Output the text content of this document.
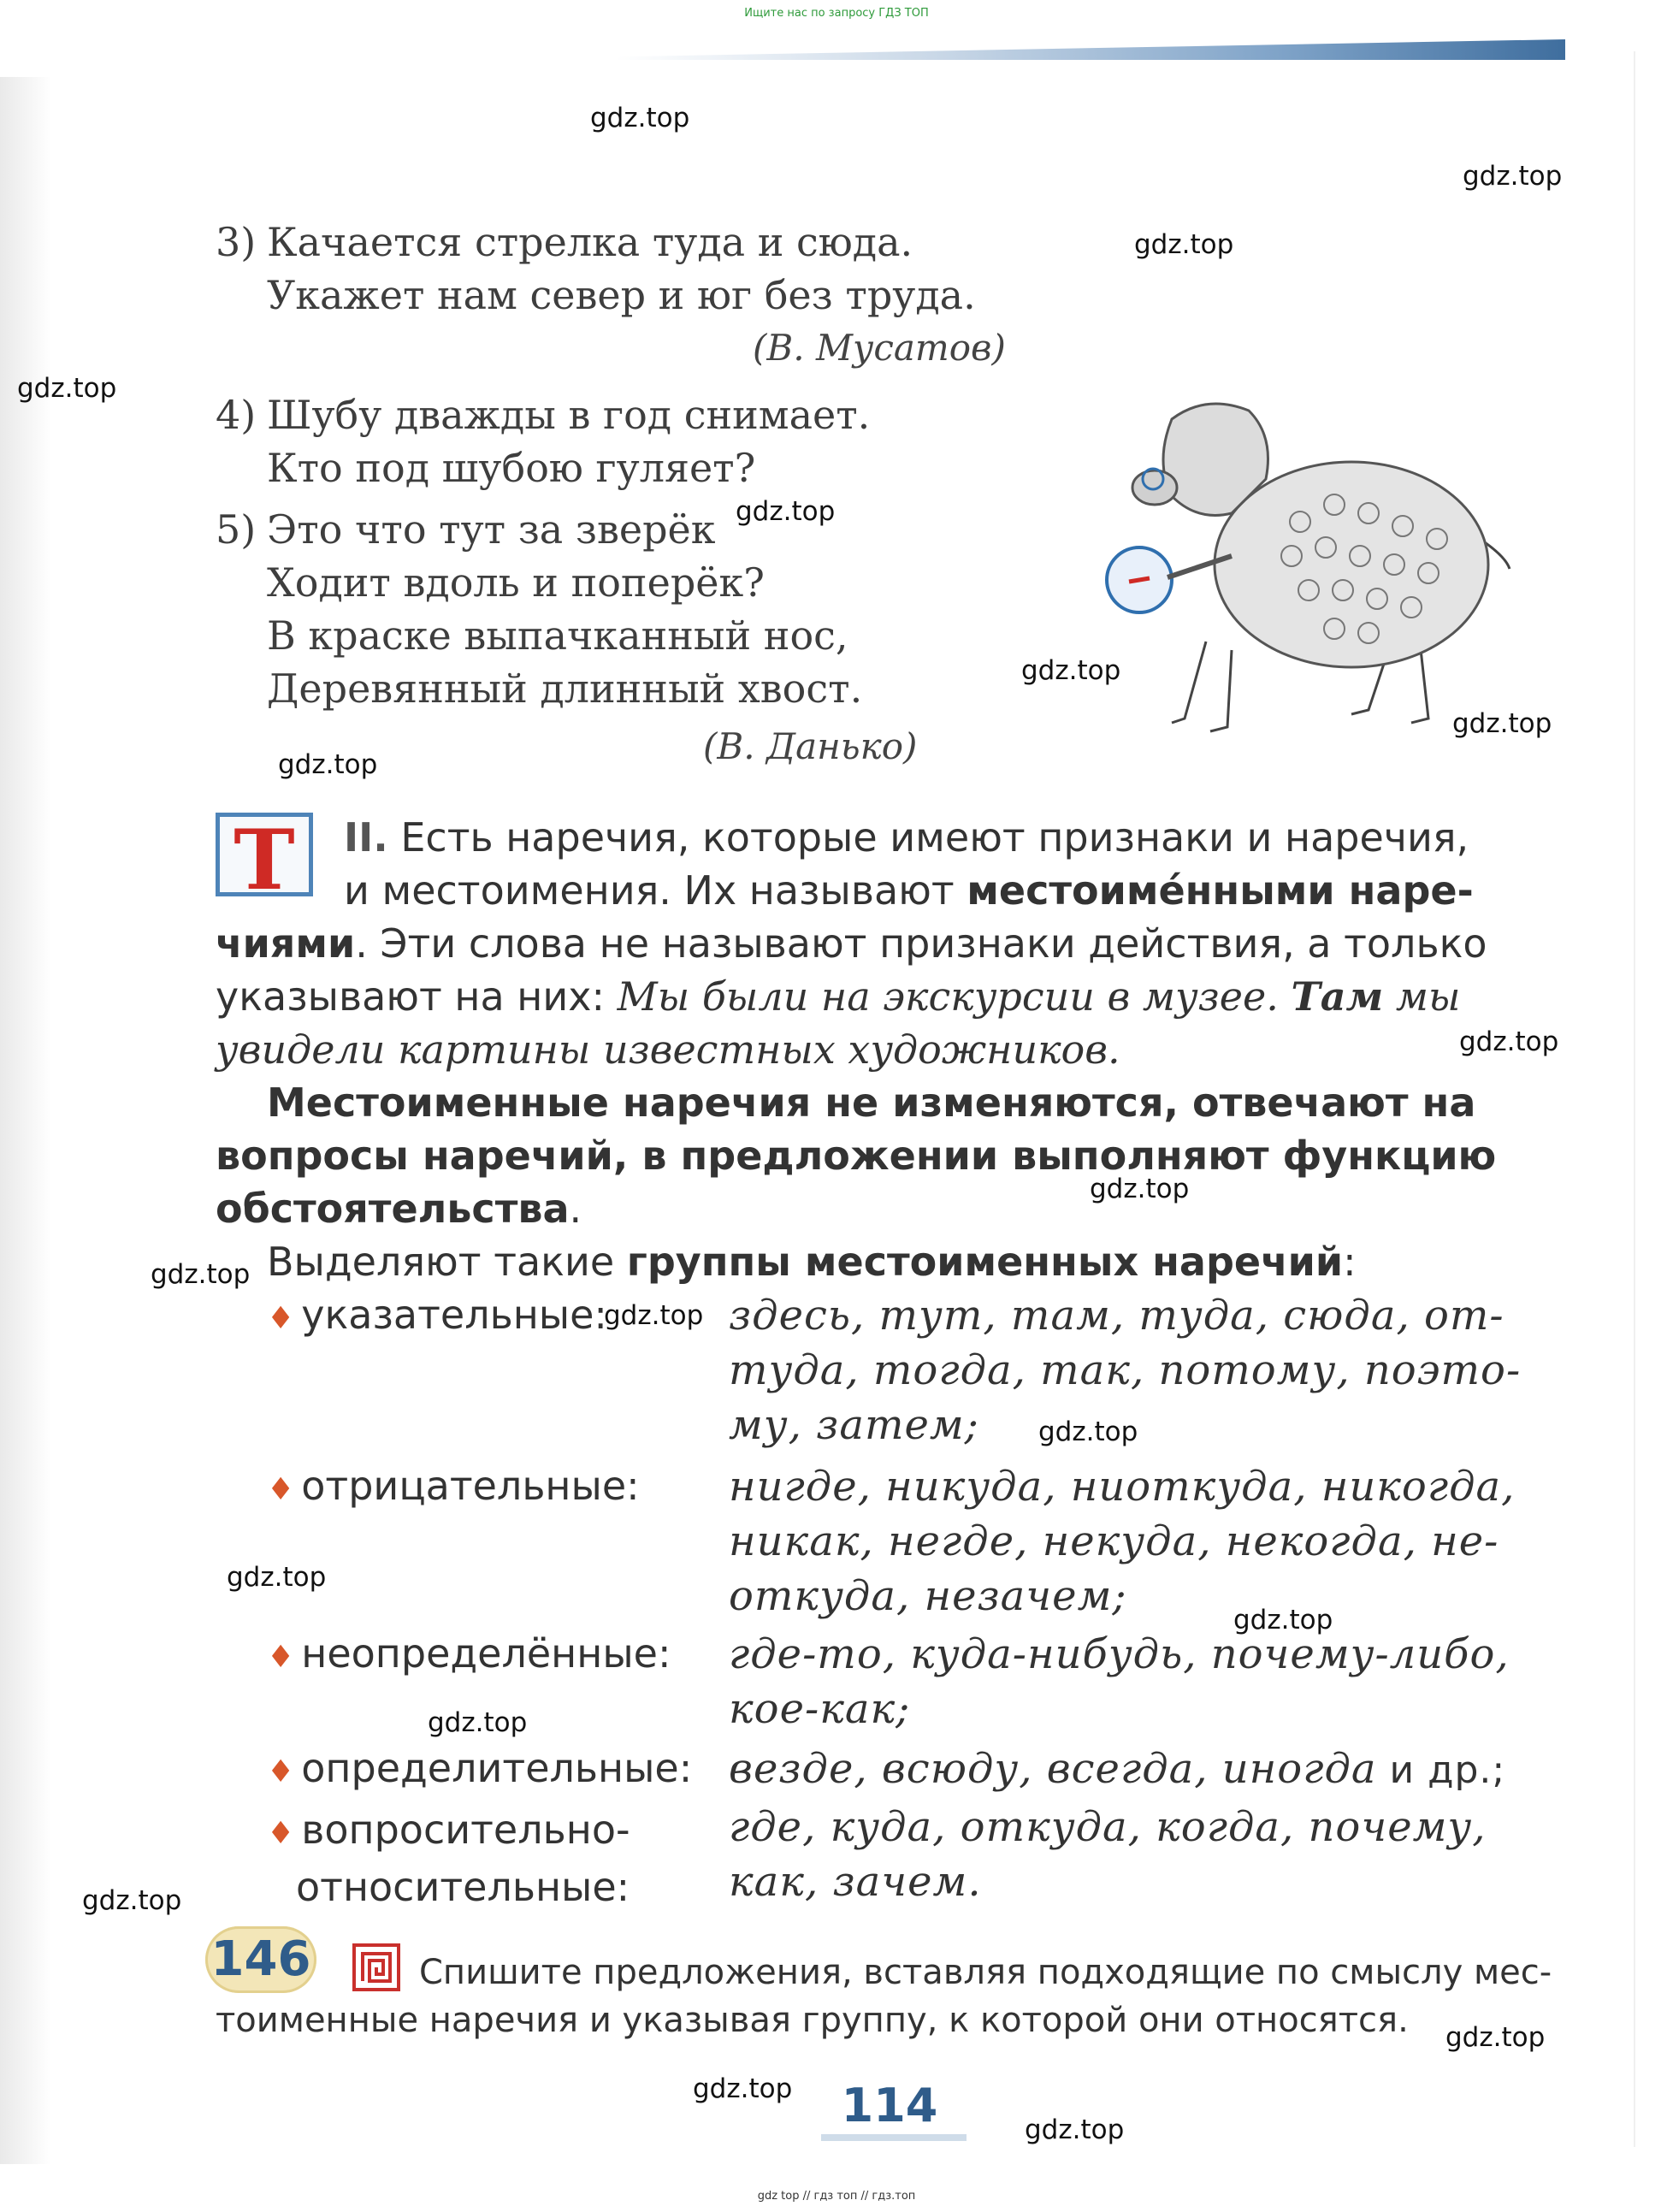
Ищите нас по запросу ГДЗ ТОП
gdz.top
gdz.top
gdz.top
gdz.top
gdz.top
gdz.top
gdz.top
gdz.top
gdz.top
gdz.top
gdz.top
gdz.top
gdz.top
gdz.top
gdz.top
gdz.top
gdz.top
gdz.top
gdz.top
gdz.top
3) Качается стрелка туда и сюда.
Укажет нам север и юг без труда.
(В. Мусатов)
4) Шубу дважды в год снимает.
Кто под шубою гуляет?
5) Это что тут за зверёк
Ходит вдоль и поперёк?
В краске выпачканный нос,
Деревянный длинный хвост.
(В. Данько)
Т	II. Есть наречия, которые имеют признаки и наречия,
и местоимения. Их называют местоимéнными наре-
чиями. Эти слова не называют признаки действия, а только
указывают на них: Мы были на экскурсии в музее. Там мы
увидели картины известных художников.
Местоименные наречия не изменяются, отвечают на
вопросы наречий, в предложении выполняют функцию
обстоятельства.
Выделяют такие группы местоименных наречий:
♦ указательные:	здесь, тут, там, туда, сюда, от-
туда, тогда, так, потому, поэто-
му, затем;
♦ отрицательные: нигде, никуда, ниоткуда, никогда,
никак, негде, некуда, некогда, не-
откуда, незачем;
♦ неопределённые: где-то, куда-нибудь, почему-либо,
кое-как;
♦ определительные: везде, всюду, всегда, иногда и др.;
♦ вопросительно-
относительные:
где, куда, откуда, когда, почему,
как, зачем.
146	Спишите предложения, вставляя подходящие по смыслу мес-
тоименные наречия и указывая группу, к которой они относятся.
114
gdz top // гдз топ // гдз.топ
